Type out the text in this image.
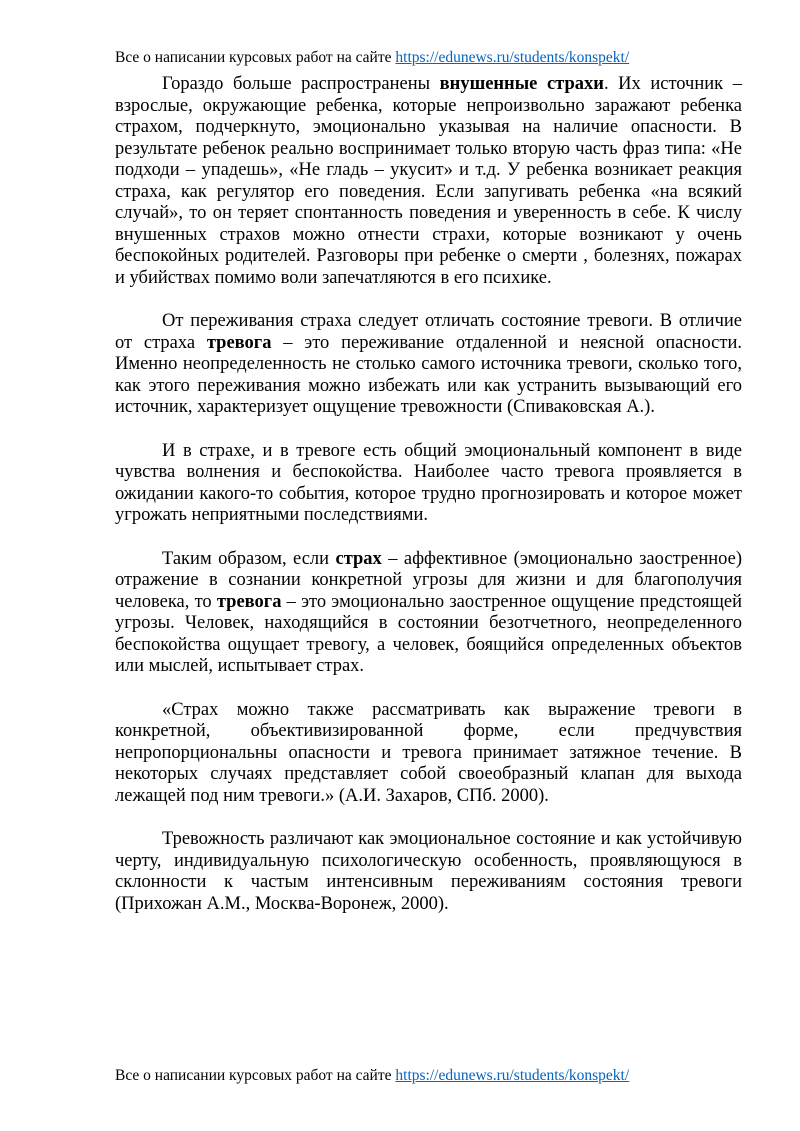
Все о написании курсовых работ на сайте https://edunews.ru/students/konspekt/

Гораздо больше распространены внушенные страхи. Их источник – взрослые, окружающие ребенка, которые непроизвольно заражают ребенка страхом, подчеркнуто, эмоционально указывая на наличие опасности. В результате ребенок реально воспринимает только вторую часть фраз типа: «Не подходи – упадешь», «Не гладь – укусит» и т.д. У ребенка возникает реакция страха, как регулятор его поведения. Если запугивать ребенка «на всякий случай», то он теряет спонтанность поведения и уверенность в себе. К числу внушенных страхов можно отнести страхи, которые возникают у очень беспокойных родителей. Разговоры при ребенке о смерти , болезнях, пожарах и убийствах помимо воли запечатляются в его психике.

От переживания страха следует отличать состояние тревоги. В отличие от страха тревога – это переживание отдаленной и неясной опасности. Именно неопределенность не столько самого источника тревоги, сколько того, как этого переживания можно избежать или как устранить вызывающий его источник, характеризует ощущение тревожности (Спиваковская А.).

И в страхе, и в тревоге есть общий эмоциональный компонент в виде чувства волнения и беспокойства. Наиболее часто тревога проявляется в ожидании какого-то события, которое трудно прогнозировать и которое может угрожать неприятными последствиями.

Таким образом, если страх – аффективное (эмоционально заостренное) отражение в сознании конкретной угрозы для жизни и для благополучия человека, то тревога – это эмоционально заостренное ощущение предстоящей угрозы. Человек, находящийся в состоянии безотчетного, неопределенного беспокойства ощущает тревогу, а человек, боящийся определенных объектов или мыслей, испытывает страх.

«Страх можно также рассматривать как выражение тревоги в конкретной, объективизированной форме, если предчувствия непропорциональны опасности и тревога принимает затяжное течение. В некоторых случаях представляет собой своеобразный клапан для выхода лежащей под ним тревоги.» (А.И. Захаров, СПб. 2000).

Тревожность различают как эмоциональное состояние и как устойчивую черту, индивидуальную психологическую особенность, проявляющуюся в склонности к частым интенсивным переживаниям состояния тревоги (Прихожан А.М., Москва-Воронеж, 2000).

Все о написании курсовых работ на сайте https://edunews.ru/students/konspekt/
